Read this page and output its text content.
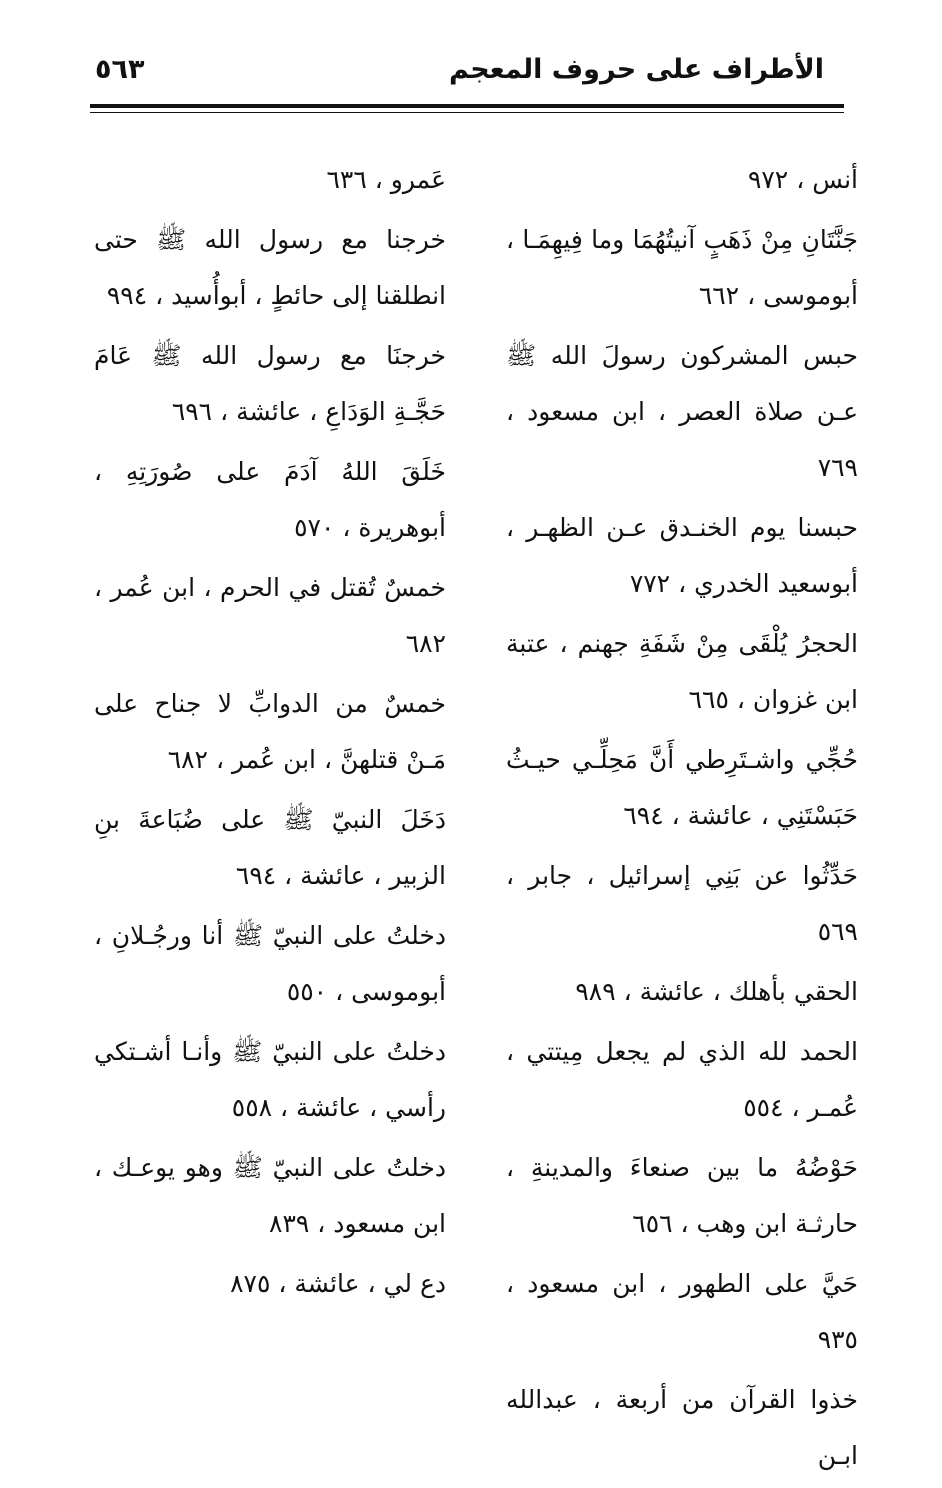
الأطراف على حروف المعجم
٥٦٣

أنس ، ٩٧٢

جَنَّتَانِ مِنْ ذَهَبٍ آنيتُهُمَا وما فِيهِمَـا ، أبوموسى ، ٦٦٢

حبس المشركون رسولَ الله ﷺ عـن صلاة العصر ، ابن مسعود ، ٧٦٩

حبسنا يوم الخنـدق عـن الظهـر ، أبوسعيد الخدري ، ٧٧٢

الحجرُ يُلْقَى مِنْ شَفَةِ جهنم ، عتبة ابن غزوان ، ٦٦٥

حُجِّي واشـتَرِطي أَنَّ مَحِلِّـي حيـثُ حَبَسْتَنِي ، عائشة ، ٦٩٤

حَدِّثُوا عن بَنِي إسرائيل ، جابر ، ٥٦٩

الحقي بأهلك ، عائشة ، ٩٨٩

الحمد لله الذي لم يجعل مِيتتي ، عُمـر ، ٥٥٤

حَوْضُهُ ما بين صنعاءَ والمدينةِ ، حارثـة ابن وهب ، ٦٥٦

حَيَّ على الطهور ، ابن مسعود ، ٩٣٥

خذوا القرآن من أربعة ، عبدالله ابـن

عَمرو ، ٦٣٦

خرجنا مع رسول الله ﷺ حتى انطلقنا إلى حائطٍ ، أبوأُسيد ، ٩٩٤

خرجنَا مع رسول الله ﷺ عَامَ حَجَّـةِ الوَدَاعِ ، عائشة ، ٦٩٦

خَلَقَ اللهُ آدَمَ على صُورَتِهِ ، أبوهريرة ، ٥٧٠

خمسٌ تُقتل في الحرم ، ابن عُمر ، ٦٨٢

خمسٌ من الدوابِّ لا جناح على مَـنْ قتلهنَّ ، ابن عُمر ، ٦٨٢

دَخَلَ النبيّ ﷺ على ضُبَاعةَ بنِ الزبير ، عائشة ، ٦٩٤

دخلتُ على النبيّ ﷺ أنا ورجُـلانِ ، أبوموسى ، ٥٥٠

دخلتُ على النبيّ ﷺ وأنـا أشـتكي رأسي ، عائشة ، ٥٥٨

دخلتُ على النبيّ ﷺ وهو يوعـك ، ابن مسعود ، ٨٣٩

دع لي ، عائشة ، ٨٧٥
